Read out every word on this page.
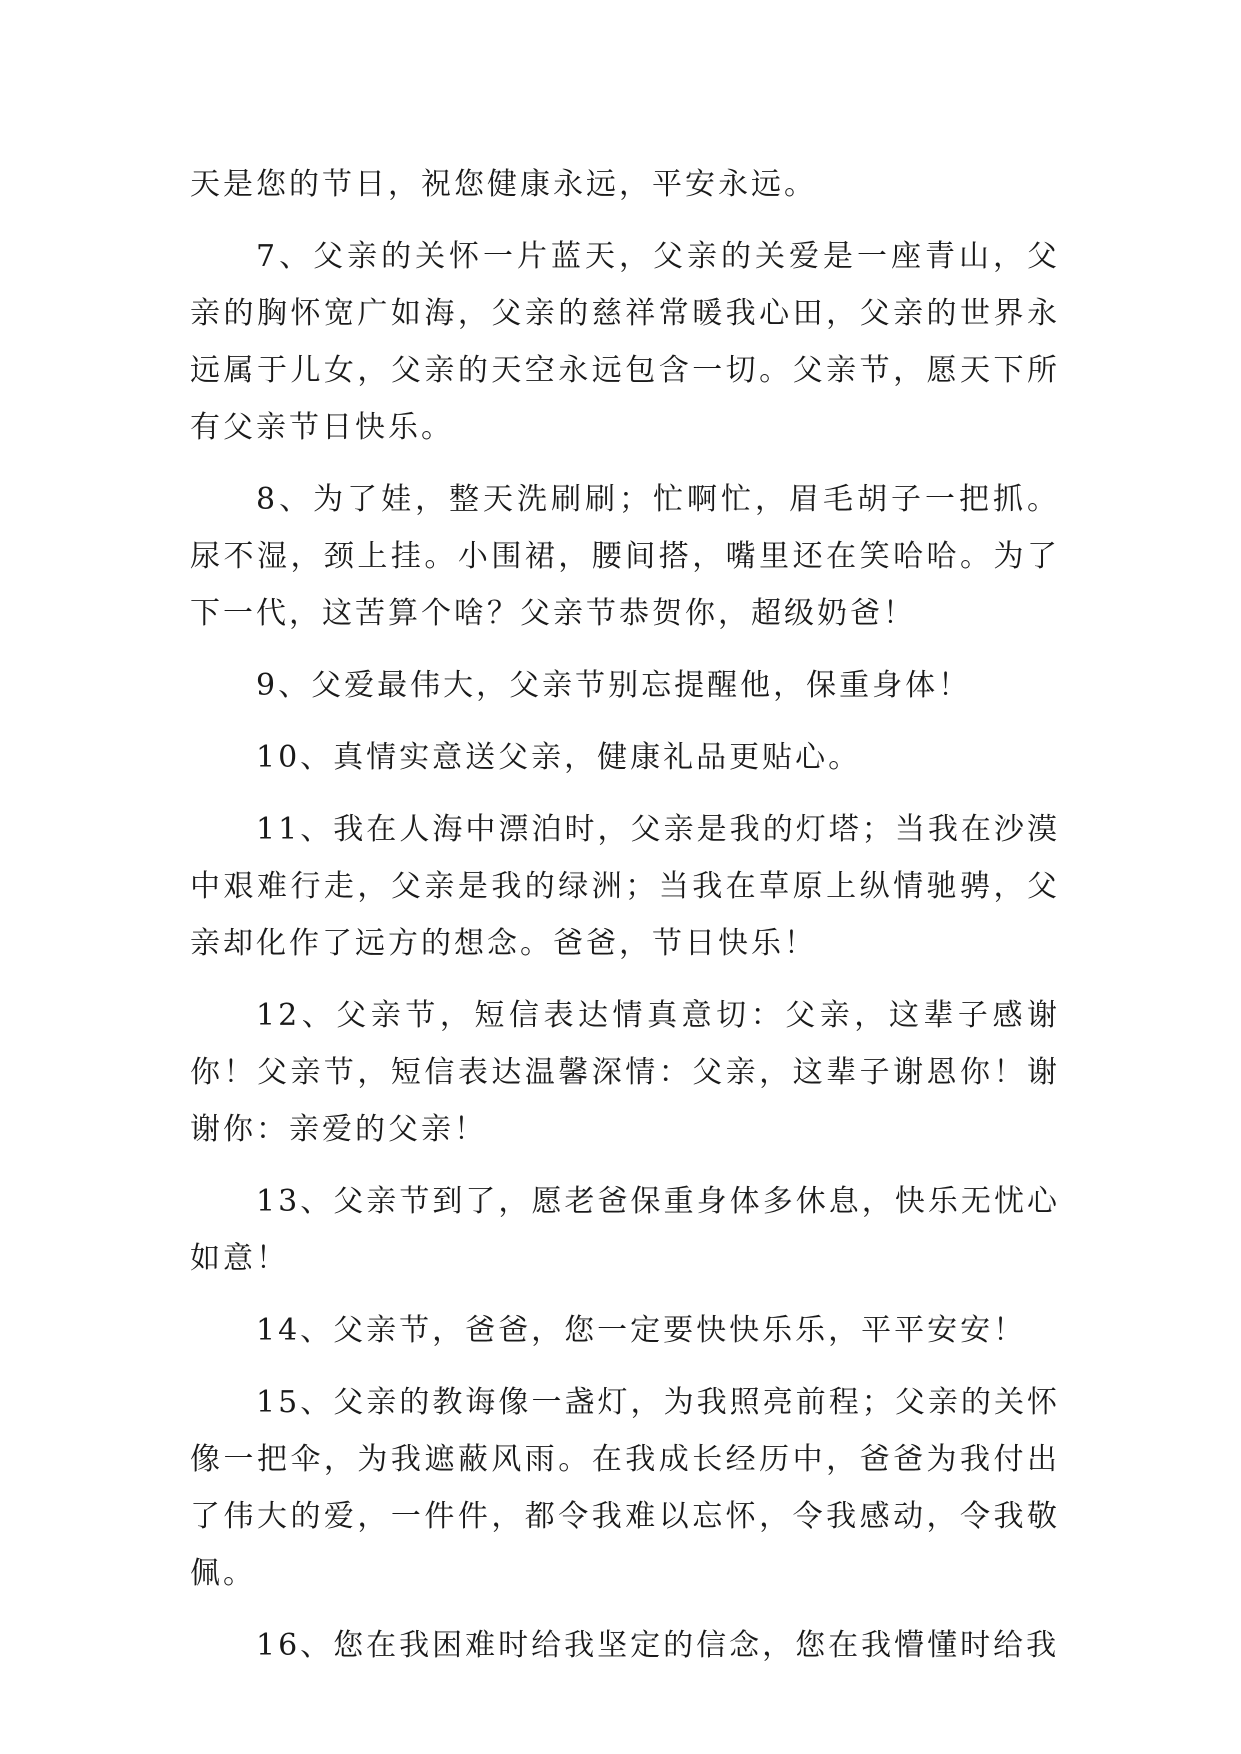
天是您的节日，祝您健康永远，平安永远。

7、父亲的关怀一片蓝天，父亲的关爱是一座青山，父亲的胸怀宽广如海，父亲的慈祥常暖我心田，父亲的世界永远属于儿女，父亲的天空永远包含一切。父亲节，愿天下所有父亲节日快乐。

8、为了娃，整天洗刷刷；忙啊忙，眉毛胡子一把抓。尿不湿，颈上挂。小围裙，腰间搭，嘴里还在笑哈哈。为了下一代，这苦算个啥？父亲节恭贺你，超级奶爸！

9、父爱最伟大，父亲节别忘提醒他，保重身体！

10、真情实意送父亲，健康礼品更贴心。

11、我在人海中漂泊时，父亲是我的灯塔；当我在沙漠中艰难行走，父亲是我的绿洲；当我在草原上纵情驰骋，父亲却化作了远方的想念。爸爸，节日快乐！

12、父亲节，短信表达情真意切：父亲，这辈子感谢你！父亲节，短信表达温馨深情：父亲，这辈子谢恩你！谢谢你：亲爱的父亲！

13、父亲节到了，愿老爸保重身体多休息，快乐无忧心如意！

14、父亲节，爸爸，您一定要快快乐乐，平平安安！

15、父亲的教诲像一盏灯，为我照亮前程；父亲的关怀像一把伞，为我遮蔽风雨。在我成长经历中，爸爸为我付出了伟大的爱，一件件，都令我难以忘怀，令我感动，令我敬佩。

16、您在我困难时给我坚定的信念，您在我懵懂时给我
